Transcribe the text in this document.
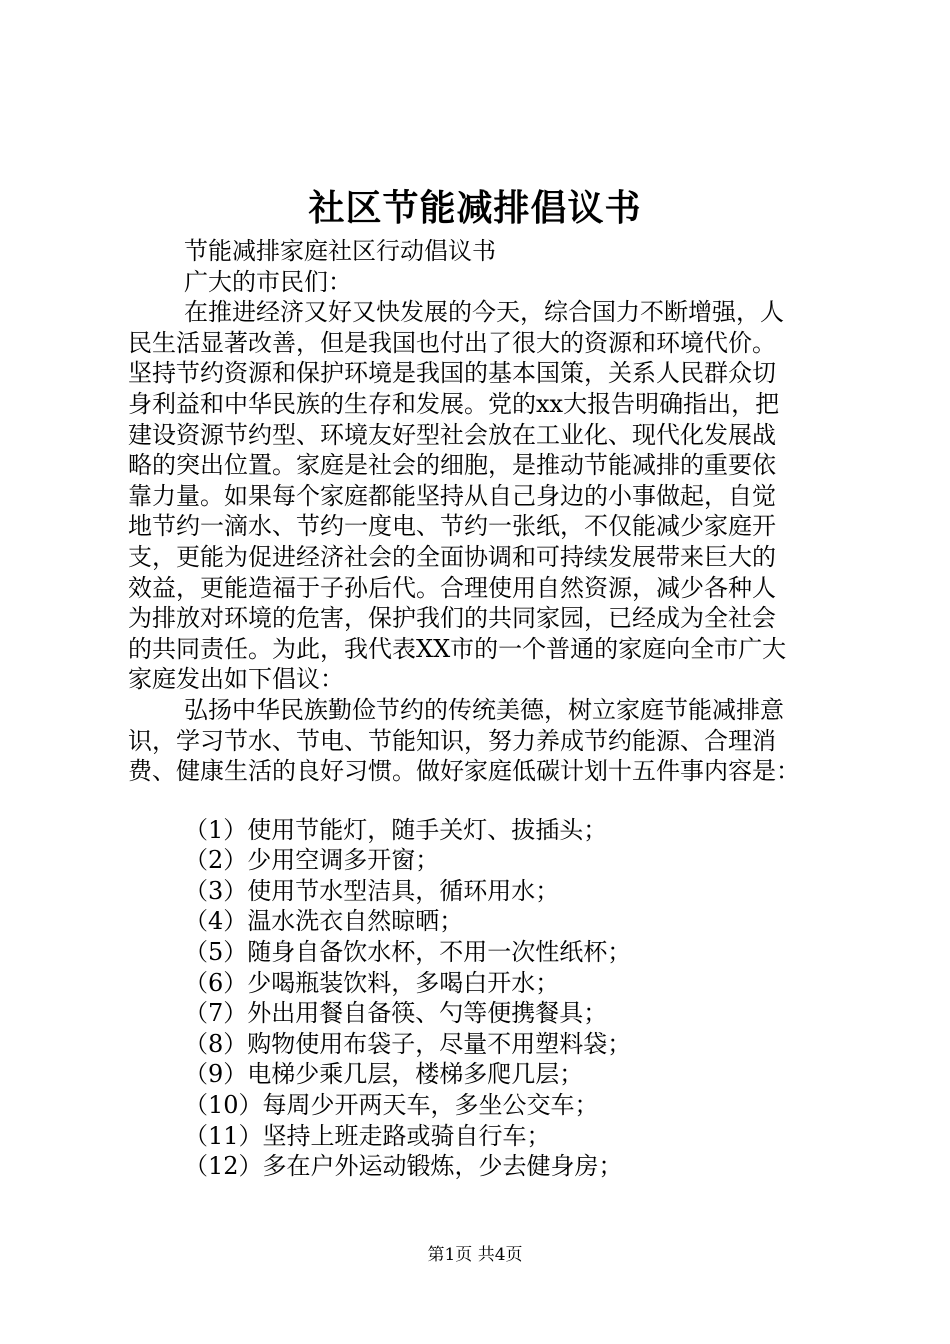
社区节能减排倡议书
节能减排家庭社区行动倡议书
广大的市民们：
在推进经济又好又快发展的今天，综合国力不断增强，人
民生活显著改善，但是我国也付出了很大的资源和环境代价。
坚持节约资源和保护环境是我国的基本国策，关系人民群众切
身利益和中华民族的生存和发展。党的xx大报告明确指出，把
建设资源节约型、环境友好型社会放在工业化、现代化发展战
略的突出位置。家庭是社会的细胞，是推动节能减排的重要依
靠力量。如果每个家庭都能坚持从自己身边的小事做起，自觉
地节约一滴水、节约一度电、节约一张纸，不仅能减少家庭开
支，更能为促进经济社会的全面协调和可持续发展带来巨大的
效益，更能造福于子孙后代。合理使用自然资源，减少各种人
为排放对环境的危害，保护我们的共同家园，已经成为全社会
的共同责任。为此，我代表XX市的一个普通的家庭向全市广大
家庭发出如下倡议：
弘扬中华民族勤俭节约的传统美德，树立家庭节能减排意
识，学习节水、节电、节能知识，努力养成节约能源、合理消
费、健康生活的良好习惯。做好家庭低碳计划十五件事内容是：
（1）使用节能灯，随手关灯、拔插头；
（2）少用空调多开窗；
（3）使用节水型洁具，循环用水；
（4）温水洗衣自然晾晒；
（5）随身自备饮水杯，不用一次性纸杯；
（6）少喝瓶装饮料，多喝白开水；
（7）外出用餐自备筷、勺等便携餐具；
（8）购物使用布袋子，尽量不用塑料袋；
（9）电梯少乘几层，楼梯多爬几层；
（10）每周少开两天车，多坐公交车；
（11）坚持上班走路或骑自行车；
（12）多在户外运动锻炼，少去健身房；
第1页 共4页
